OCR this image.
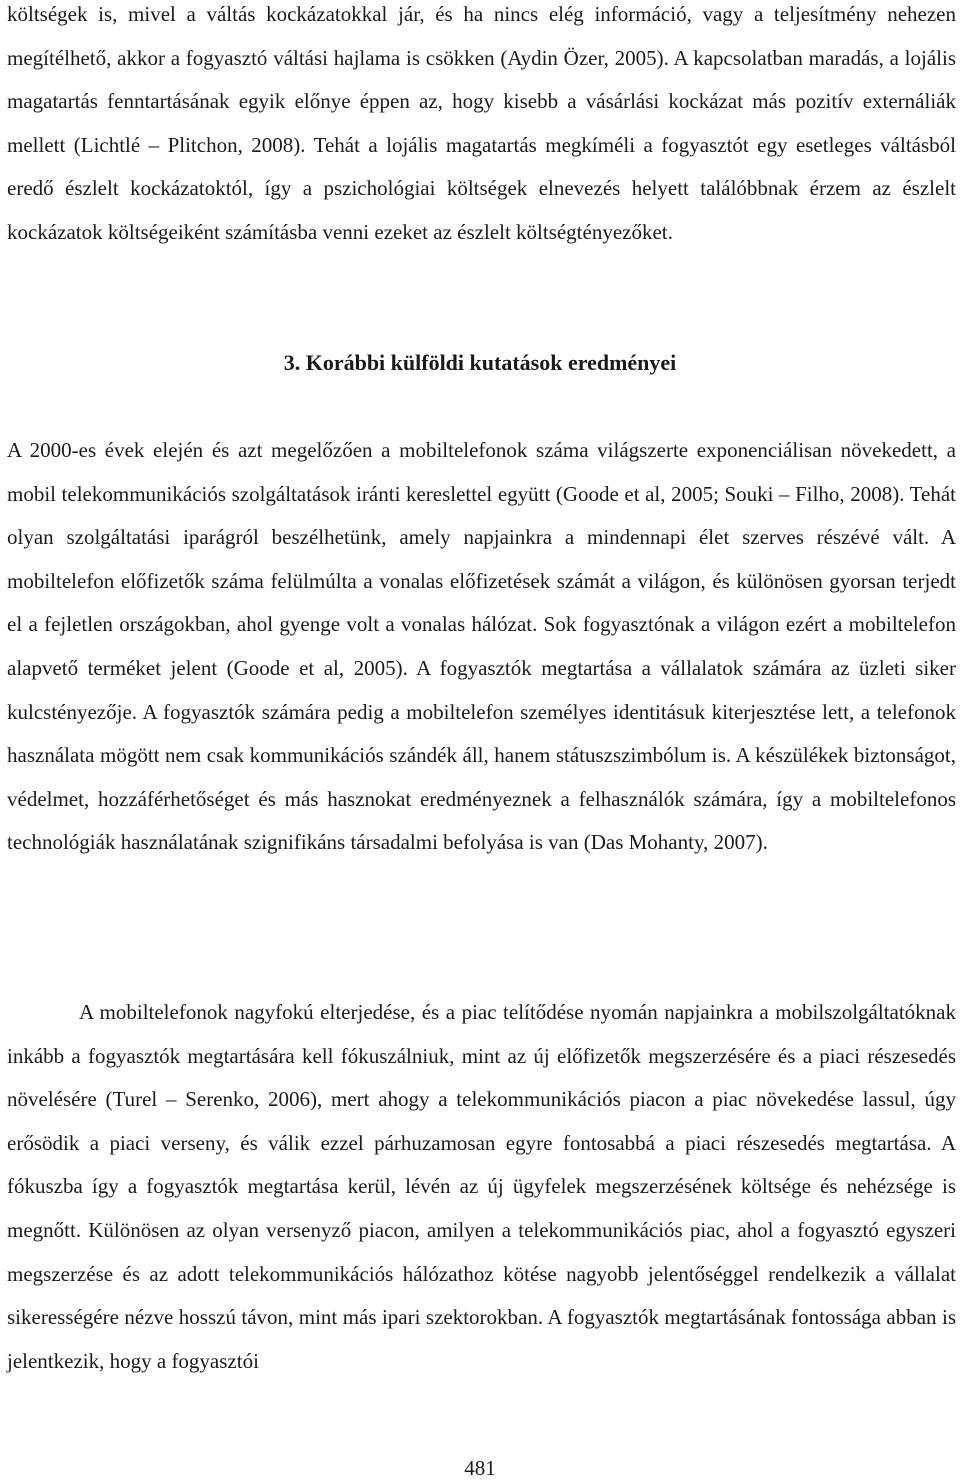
költségek is, mivel a váltás kockázatokkal jár, és ha nincs elég információ, vagy a teljesítmény nehezen megítélhető, akkor a fogyasztó váltási hajlama is csökken (Aydin Özer, 2005). A kapcsolatban maradás, a lojális magatartás fenntartásának egyik előnye éppen az, hogy kisebb a vásárlási kockázat más pozitív externáliák mellett (Lichtlé – Plitchon, 2008). Tehát a lojális magatartás megkíméli a fogyasztót egy esetleges váltásból eredő észlelt kockázatoktól, így a pszichológiai költségek elnevezés helyett találóbbnak érzem az észlelt kockázatok költségeiként számításba venni ezeket az észlelt költségtényezőket.

3. Korábbi külföldi kutatások eredményei

A 2000-es évek elején és azt megelőzően a mobiltelefonok száma világszerte exponenciálisan növekedett, a mobil telekommunikációs szolgáltatások iránti kereslettel együtt (Goode et al, 2005; Souki – Filho, 2008). Tehát olyan szolgáltatási iparágról beszélhetünk, amely napjainkra a mindennapi élet szerves részévé vált. A mobiltelefon előfizetők száma felülmúlta a vonalas előfizetések számát a világon, és különösen gyorsan terjedt el a fejletlen országokban, ahol gyenge volt a vonalas hálózat. Sok fogyasztónak a világon ezért a mobiltelefon alapvető terméket jelent (Goode et al, 2005). A fogyasztók megtartása a vállalatok számára az üzleti siker kulcstényezője. A fogyasztók számára pedig a mobiltelefon személyes identitásuk kiterjesztése lett, a telefonok használata mögött nem csak kommunikációs szándék áll, hanem státuszszimbólum is. A készülékek biztonságot, védelmet, hozzáférhetőséget és más hasznokat eredményeznek a felhasználók számára, így a mobiltelefonos technológiák használatának szignifikáns társadalmi befolyása is van (Das Mohanty, 2007).

A mobiltelefonok nagyfokú elterjedése, és a piac telítődése nyomán napjainkra a mobilszolgáltatóknak inkább a fogyasztók megtartására kell fókuszálniuk, mint az új előfizetők megszerzésére és a piaci részesedés növelésére (Turel – Serenko, 2006), mert ahogy a telekommunikációs piacon a piac növekedése lassul, úgy erősödik a piaci verseny, és válik ezzel párhuzamosan egyre fontosabbá a piaci részesedés megtartása. A fókuszba így a fogyasztók megtartása kerül, lévén az új ügyfelek megszerzésének költsége és nehézsége is megnőtt. Különösen az olyan versenyző piacon, amilyen a telekommunikációs piac, ahol a fogyasztó egyszeri megszerzése és az adott telekommunikációs hálózathoz kötése nagyobb jelentőséggel rendelkezik a vállalat sikerességére nézve hosszú távon, mint más ipari szektorokban. A fogyasztók megtartásának fontossága abban is jelentkezik, hogy a fogyasztói

481
